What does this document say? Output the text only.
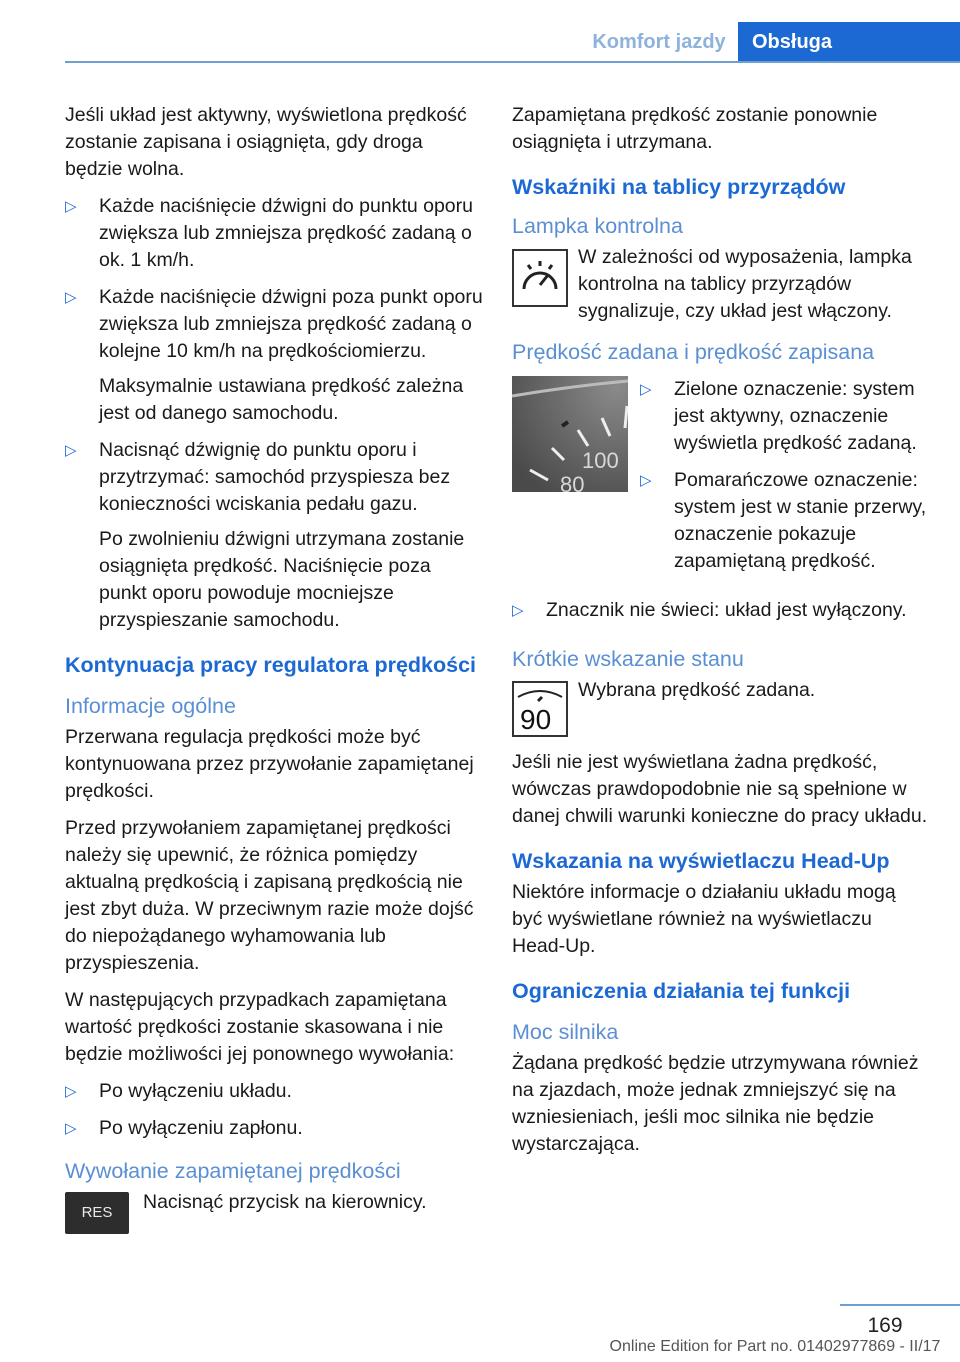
Komfort jazdy	Obsługa

Jeśli układ jest aktywny, wyświetlona prędkość zostanie zapisana i osiągnięta, gdy droga będzie wolna.

▷	Każde naciśnięcie dźwigni do punktu oporu zwiększa lub zmniejsza prędkość zadaną o ok. 1 km/h.
▷	Każde naciśnięcie dźwigni poza punkt oporu zwiększa lub zmniejsza prędkość zadaną o kolejne 10 km/h na prędkościomierzu.

Maksymalnie ustawiana prędkość zależna jest od danego samochodu.

▷	Nacisnąć dźwignię do punktu oporu i przytrzymać: samochód przyspiesza bez konieczności wciskania pedału gazu.

Po zwolnieniu dźwigni utrzymana zostanie osiągnięta prędkość. Naciśnięcie poza punkt oporu powoduje mocniejsze przyspieszanie samochodu.

Kontynuacja pracy regulatora prędkości
Informacje ogólne

Przerwana regulacja prędkości może być kontynuowana przez przywołanie zapamiętanej prędkości.

Przed przywołaniem zapamiętanej prędkości należy się upewnić, że różnica pomiędzy aktualną prędkością i zapisaną prędkością nie jest zbyt duża. W przeciwnym razie może dojść do niepożądanego wyhamowania lub przyspieszenia.

W następujących przypadkach zapamiętana wartość prędkości zostanie skasowana i nie będzie możliwości jej ponownego wywołania:

▷	Po wyłączeniu układu.
▷	Po wyłączeniu zapłonu.
Wywołanie zapamiętanej prędkości
RES	Nacisnąć przycisk na kierownicy.

Zapamiętana prędkość zostanie ponownie osiągnięta i utrzymana.

Wskaźniki na tablicy przyrządów
Lampka kontrolna
W zależności od wyposażenia, lampka kontrolna na tablicy przyrządów sygnalizuje, czy układ jest włączony.
Prędkość zadana i prędkość zapisana
100
80
▷	Zielone oznaczenie: system jest aktywny, oznaczenie wyświetla prędkość zadaną.
▷	Pomarańczowe oznaczenie: system jest w stanie przerwy, oznaczenie pokazuje zapamiętaną prędkość.
▷	Znacznik nie świeci: układ jest wyłączony.
Krótkie wskazanie stanu
90
Wybrana prędkość zadana.

Jeśli nie jest wyświetlana żadna prędkość, wówczas prawdopodobnie nie są spełnione w danej chwili warunki konieczne do pracy układu.

Wskazania na wyświetlaczu Head-Up

Niektóre informacje o działaniu układu mogą być wyświetlane również na wyświetlaczu Head-Up.

Ograniczenia działania tej funkcji
Moc silnika

Żądana prędkość będzie utrzymywana również na zjazdach, może jednak zmniejszyć się na wzniesieniach, jeśli moc silnika nie będzie wystarczająca.

169
Online Edition for Part no. 01402977869 - II/17
